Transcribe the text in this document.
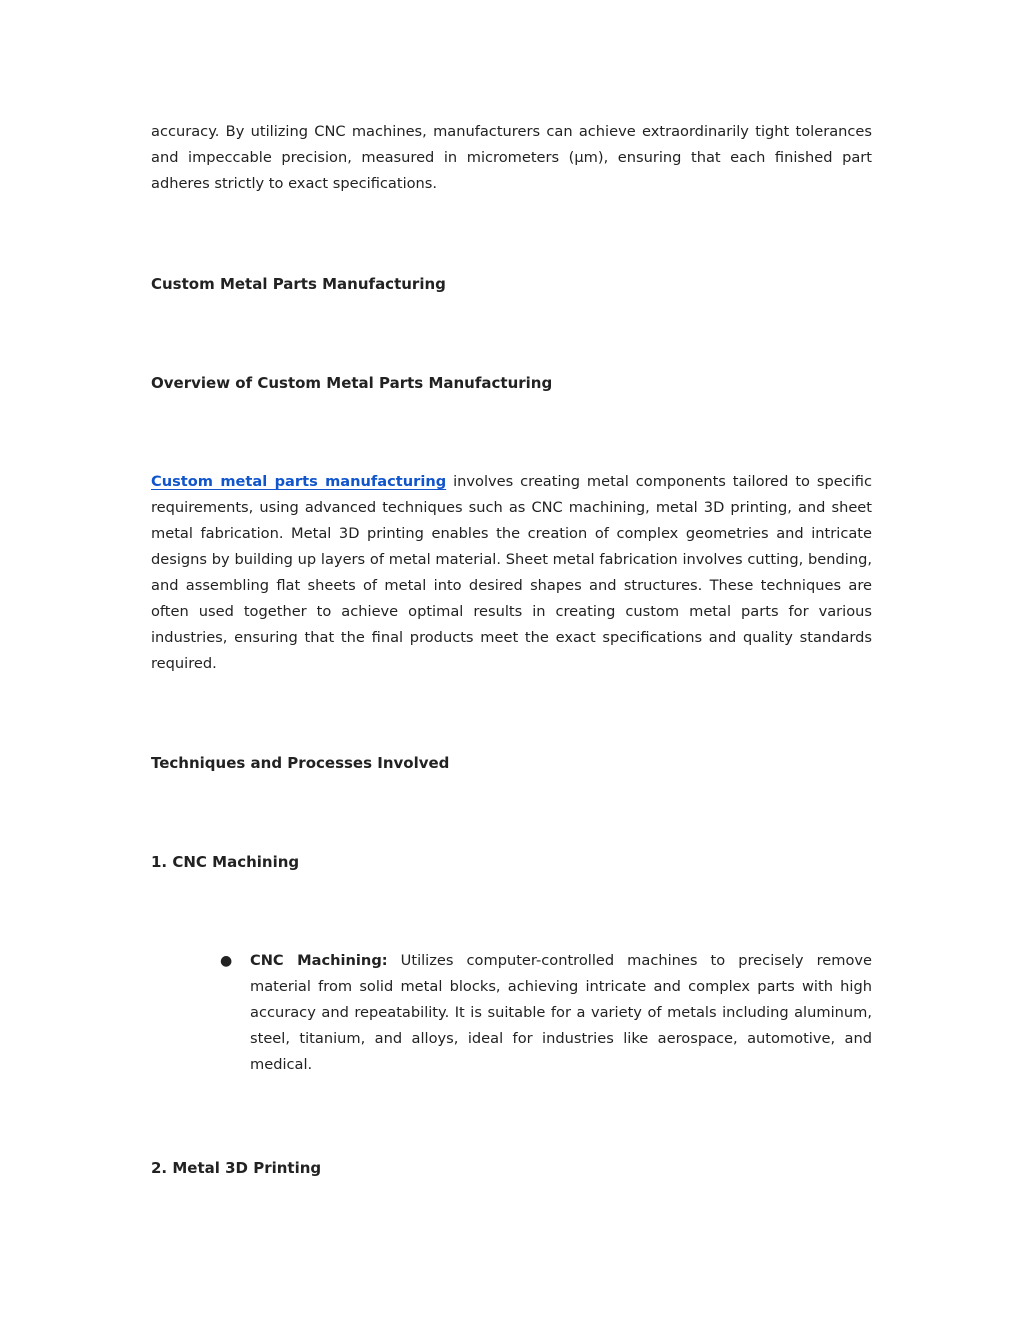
accuracy. By utilizing CNC machines, manufacturers can achieve extraordinarily tight tolerances and impeccable precision, measured in micrometers (µm), ensuring that each finished part adheres strictly to exact specifications.

Custom Metal Parts Manufacturing
Overview of Custom Metal Parts Manufacturing

Custom metal parts manufacturing involves creating metal components tailored to specific requirements, using advanced techniques such as CNC machining, metal 3D printing, and sheet metal fabrication. Metal 3D printing enables the creation of complex geometries and intricate designs by building up layers of metal material. Sheet metal fabrication involves cutting, bending, and assembling flat sheets of metal into desired shapes and structures. These techniques are often used together to achieve optimal results in creating custom metal parts for various industries, ensuring that the final products meet the exact specifications and quality standards required.

Techniques and Processes Involved
1. CNC Machining
●	CNC Machining: Utilizes computer-controlled machines to precisely remove material from solid metal blocks, achieving intricate and complex parts with high accuracy and repeatability. It is suitable for a variety of metals including aluminum, steel, titanium, and alloys, ideal for industries like aerospace, automotive, and medical.

2. Metal 3D Printing
